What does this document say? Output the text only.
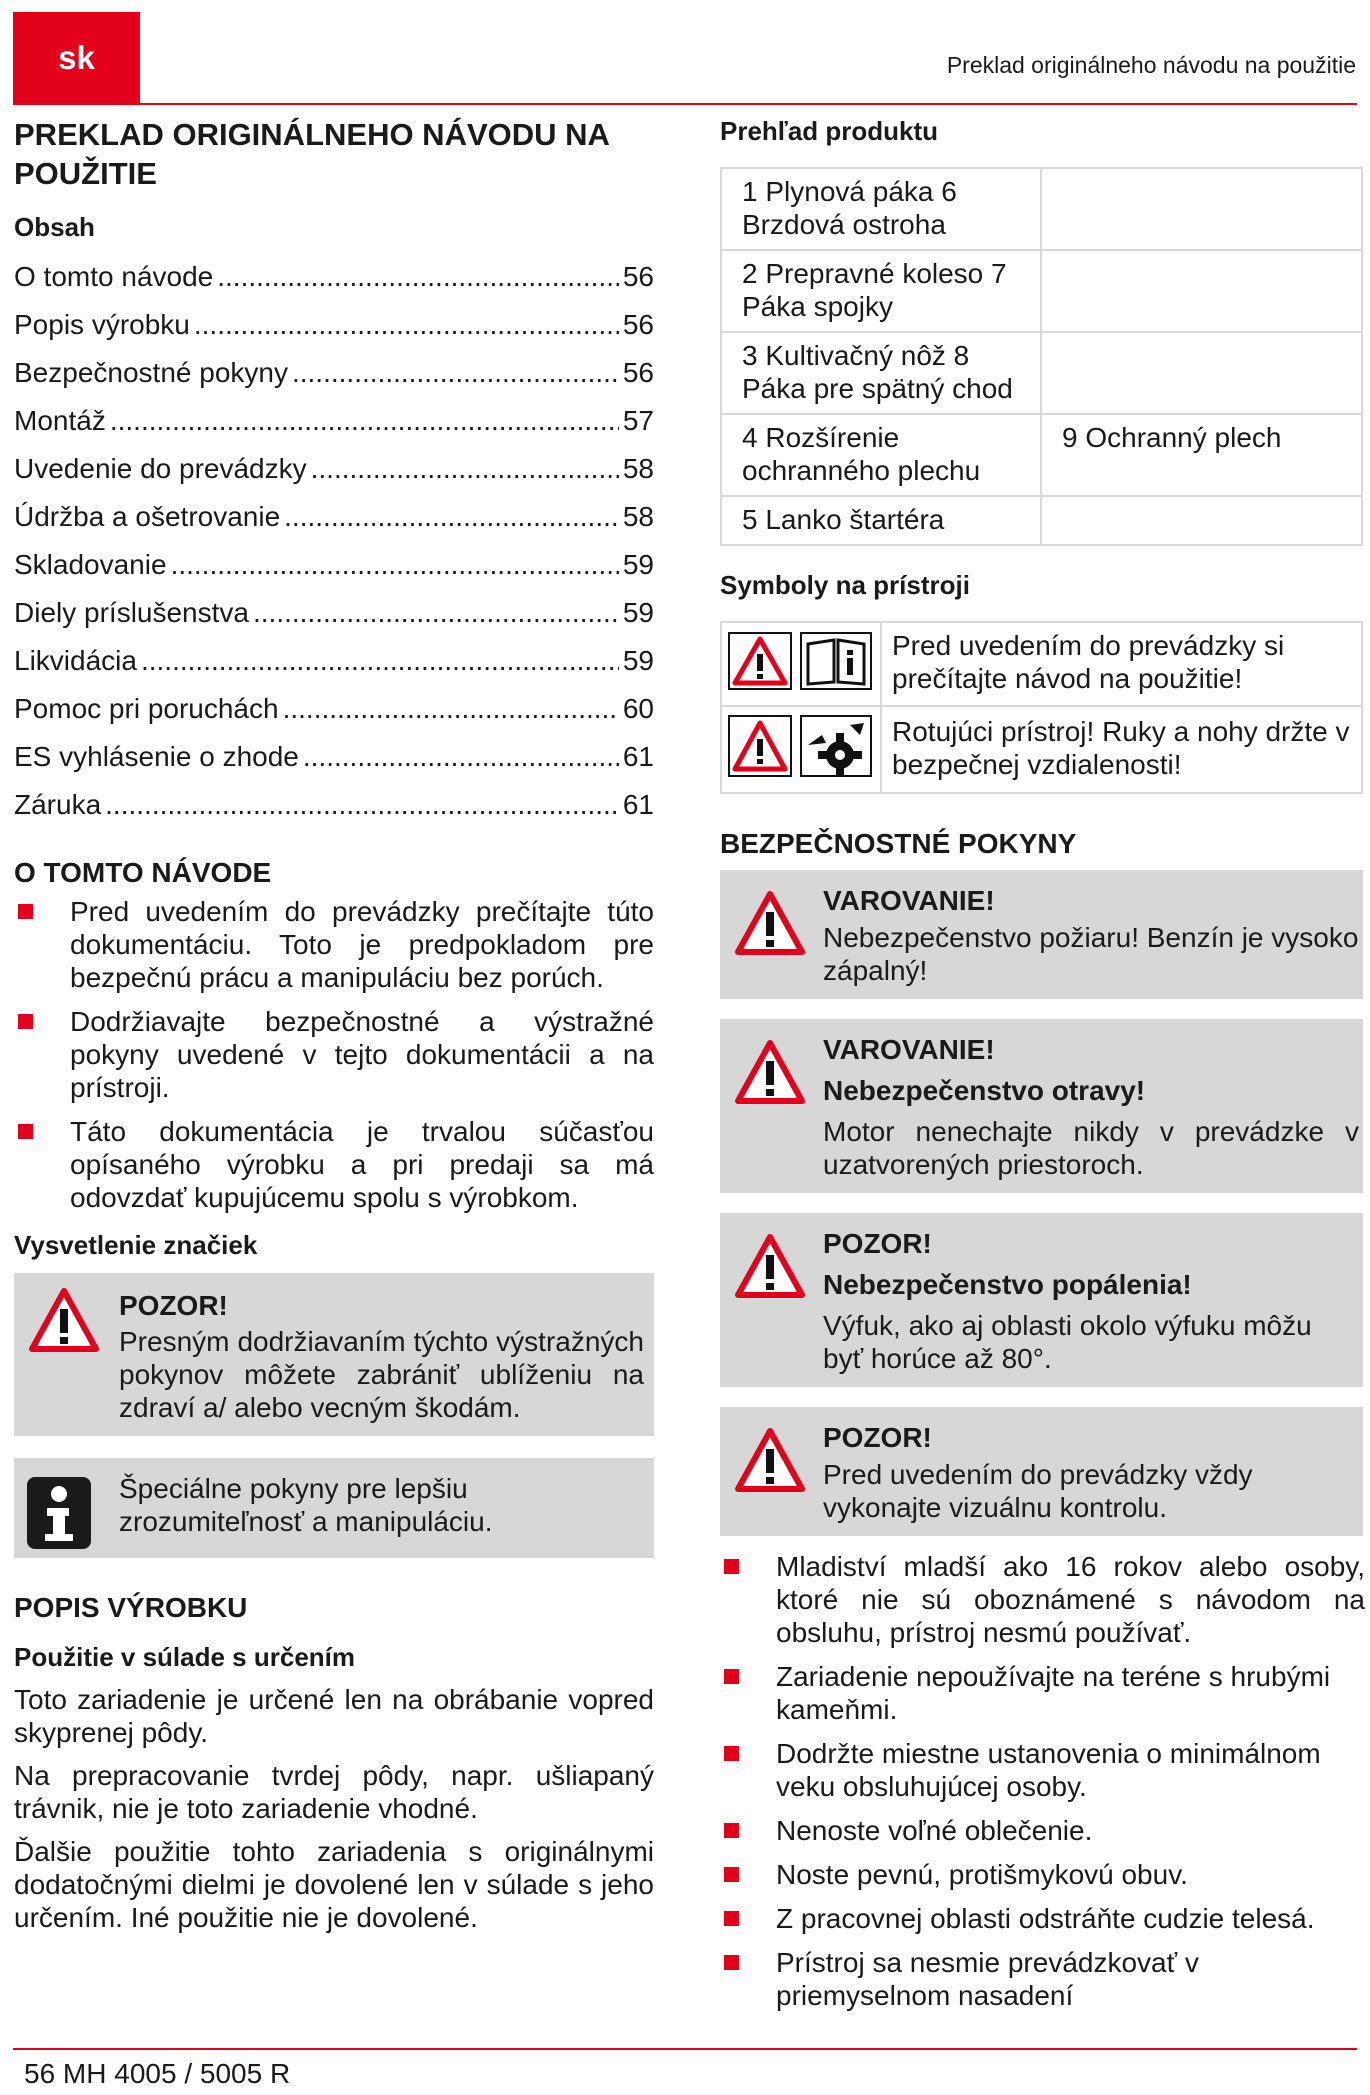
sk	Preklad originálneho návodu na použitie
PREKLAD ORIGINÁLNEHO NÁVODU NA POUŽITIE
Obsah
O tomto návode .....	56
Popis výrobku .....	56
Bezpečnostné pokyny .....	56
Montáž .....	57
Uvedenie do prevádzky .....	58
Údržba a ošetrovanie .....	58
Skladovanie .....	59
Diely príslušenstva .....	59
Likvidácia .....	59
Pomoc pri poruchách .....	60
ES vyhlásenie o zhode .....	61
Záruka .....	61
O TOMTO NÁVODE
Pred uvedením do prevádzky prečítajte túto dokumentáciu. Toto je predpokladom pre bezpečnú prácu a manipuláciu bez porúch.
Dodržiavajte bezpečnostné a výstražné pokyny uvedené v tejto dokumentácii a na prístroji.
Táto dokumentácia je trvalou súčasťou opísaného výrobku a pri predaji sa má odovzdať kupujúcemu spolu s výrobkom.
Vysvetlenie značiek
POZOR!
Presným dodržiavaním týchto výstražných pokynov môžete zabrániť ublíženiu na zdraví a/ alebo vecným škodám.
Špeciálne pokyny pre lepšiu zrozumiteľnosť a manipuláciu.
POPIS VÝROBKU
Použitie v súlade s určením

Toto zariadenie je určené len na obrábanie vopred skyprenej pôdy.

Na prepracovanie tvrdej pôdy, napr. ušliapaný trávnik, nie je toto zariadenie vhodné.

Ďalšie použitie tohto zariadenia s originálnymi dodatočnými dielmi je dovolené len v súlade s jeho určením. Iné použitie nie je dovolené.

Prehľad produktu
1 Plynová páka 6 Brzdová ostroha	
2 Prepravné koleso 7 Páka spojky	
3 Kultivačný nôž 8 Páka pre spätný chod	
4 Rozšírenie ochranného plechu	9 Ochranný plech
5 Lanko štartéra	
Symboly na prístroji
	Pred uvedením do prevádzky si prečítajte návod na použitie!
	Rotujúci prístroj! Ruky a nohy držte v bezpečnej vzdialenosti!
BEZPEČNOSTNÉ POKYNY
VAROVANIE!
Nebezpečenstvo požiaru! Benzín je vysoko zápalný!
VAROVANIE!
Nebezpečenstvo otravy!
Motor nenechajte nikdy v prevádzke v uzatvorených priestoroch.
POZOR!
Nebezpečenstvo popálenia!
Výfuk, ako aj oblasti okolo výfuku môžu byť horúce až 80°.
POZOR!
Pred uvedením do prevádzky vždy vykonajte vizuálnu kontrolu.
Mladiství mladší ako 16 rokov alebo osoby, ktoré nie sú oboznámené s návodom na obsluhu, prístroj nesmú používať.
Zariadenie nepoužívajte na teréne s hrubými kameňmi.
Dodržte miestne ustanovenia o minimálnom veku obsluhujúcej osoby.
Nenoste voľné oblečenie.
Noste pevnú, protišmykovú obuv.
Z pracovnej oblasti odstráňte cudzie telesá.
Prístroj sa nesmie prevádzkovať v priemyselnom nasadení
56 MH 4005 / 5005 R
